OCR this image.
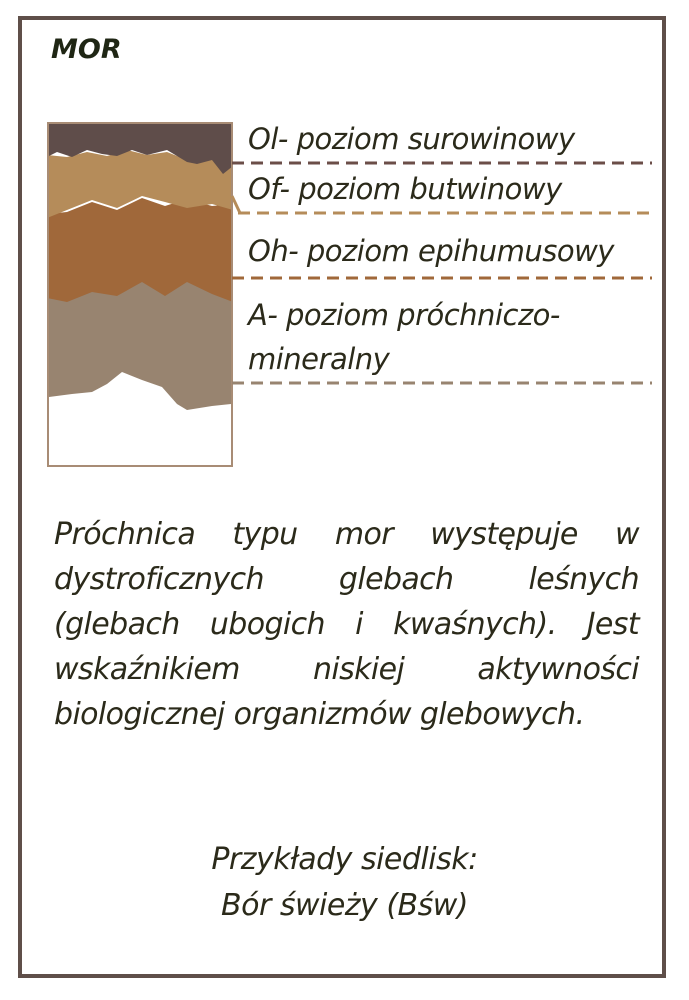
MOR
Ol- poziom surowinowy
Of- poziom butwinowy
Oh- poziom epihumusowy
A- poziom próchniczo-
mineralny
Próchnica typu mor występuje w dystroficznych glebach leśnych (glebach ubogich i kwaśnych). Jest wskaźnikiem niskiej aktywności biologicznej organizmów glebowych.
Przykłady siedlisk:
Bór świeży (Bśw)
